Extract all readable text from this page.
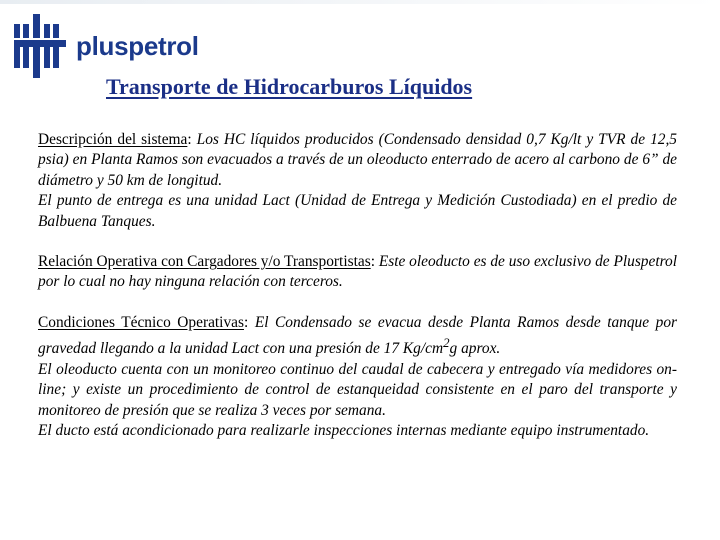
pluspetrol
Transporte de Hidrocarburos Líquidos

Descripción del sistema: Los HC líquidos producidos (Condensado densidad 0,7 Kg/lt y TVR de 12,5 psia) en Planta Ramos son evacuados a través de un oleoducto enterrado de acero al carbono de 6” de diámetro y 50 km de longitud.
El punto de entrega es una unidad Lact (Unidad de Entrega y Medición Custodiada) en el predio de Balbuena Tanques.

Relación Operativa con Cargadores y/o Transportistas: Este oleoducto es de uso exclusivo de Pluspetrol por lo cual no hay ninguna relación con terceros.

Condiciones Técnico Operativas: El Condensado se evacua desde Planta Ramos desde tanque por gravedad llegando a la unidad Lact con una presión de 17 $Kg/cm^2g$ aprox.
El oleoducto cuenta con un monitoreo continuo del caudal de cabecera y entregado vía medidores on-line; y existe un procedimiento de control de estanqueidad consistente en el paro del transporte y monitoreo de presión que se realiza 3 veces por semana.
El ducto está acondicionado para realizarle inspecciones internas mediante equipo instrumentado.
